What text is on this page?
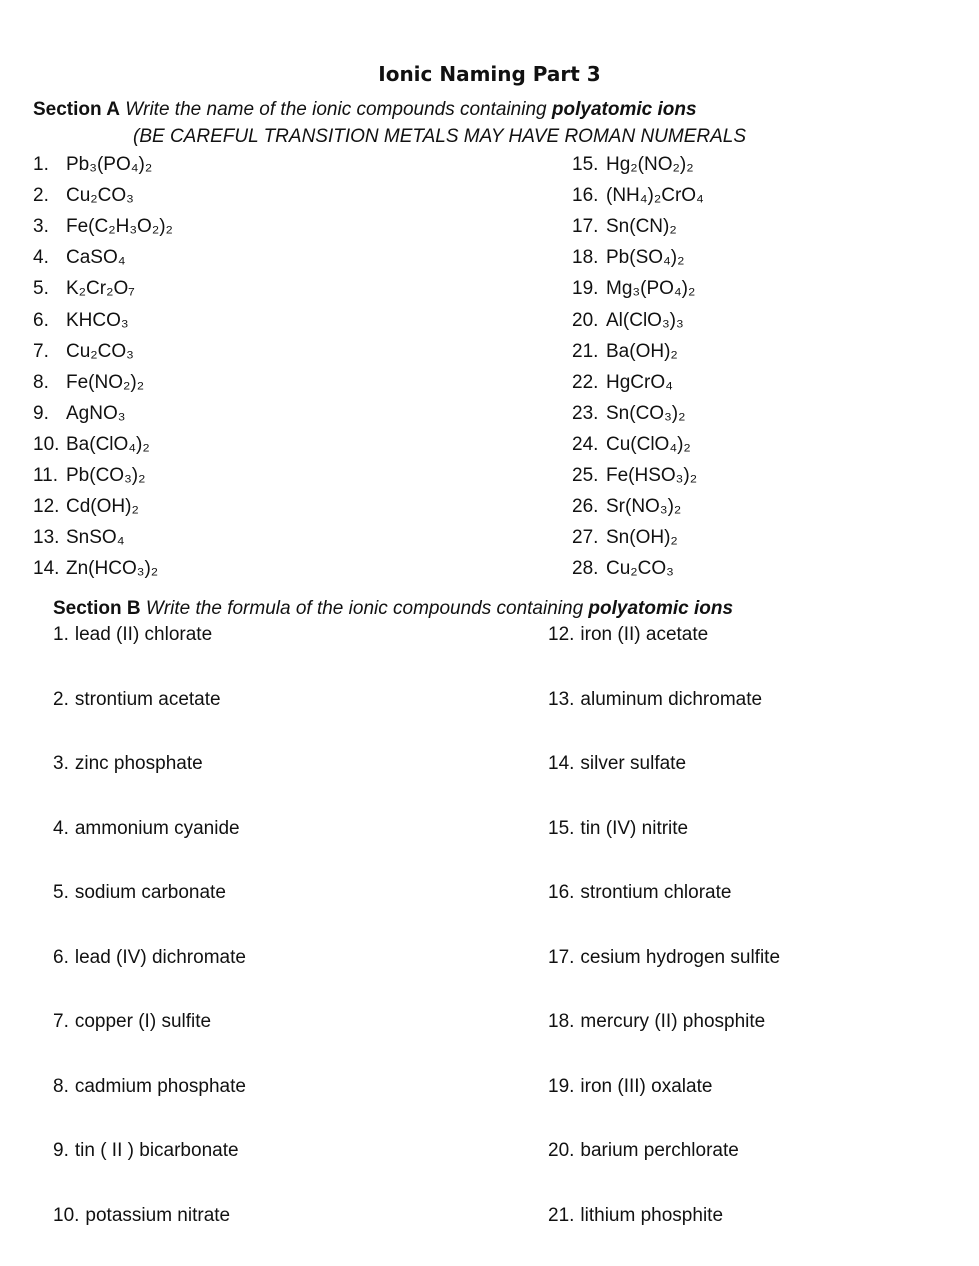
Ionic Naming Part 3
Section A Write the name of the ionic compounds containing polyatomic ions
(BE CAREFUL TRANSITION METALS MAY HAVE ROMAN NUMERALS
1. Pb₃(PO₄)₂
2. Cu₂CO₃
3. Fe(C₂H₃O₂)₂
4. CaSO₄
5. K₂Cr₂O₇
6. KHCO₃
7. Cu₂CO₃
8. Fe(NO₂)₂
9. AgNO₃
10. Ba(ClO₄)₂
11. Pb(CO₃)₂
12. Cd(OH)₂
13. SnSO₄
14. Zn(HCO₃)₂
15. Hg₂(NO₂)₂
16. (NH₄)₂CrO₄
17. Sn(CN)₂
18. Pb(SO₄)₂
19. Mg₃(PO₄)₂
20. Al(ClO₃)₃
21. Ba(OH)₂
22. HgCrO₄
23. Sn(CO₃)₂
24. Cu(ClO₄)₂
25. Fe(HSO₃)₂
26. Sr(NO₃)₂
27. Sn(OH)₂
28. Cu₂CO₃
Section B Write the formula of the ionic compounds containing polyatomic ions
1. lead (II) chlorate
2. strontium acetate
3. zinc phosphate
4. ammonium cyanide
5. sodium carbonate
6. lead (IV) dichromate
7. copper (I) sulfite
8. cadmium phosphate
9. tin ( II ) bicarbonate
10. potassium nitrate
12. iron (II) acetate
13. aluminum dichromate
14. silver sulfate
15. tin (IV) nitrite
16. strontium chlorate
17. cesium hydrogen sulfite
18. mercury (II) phosphite
19. iron (III) oxalate
20. barium perchlorate
21. lithium phosphite
